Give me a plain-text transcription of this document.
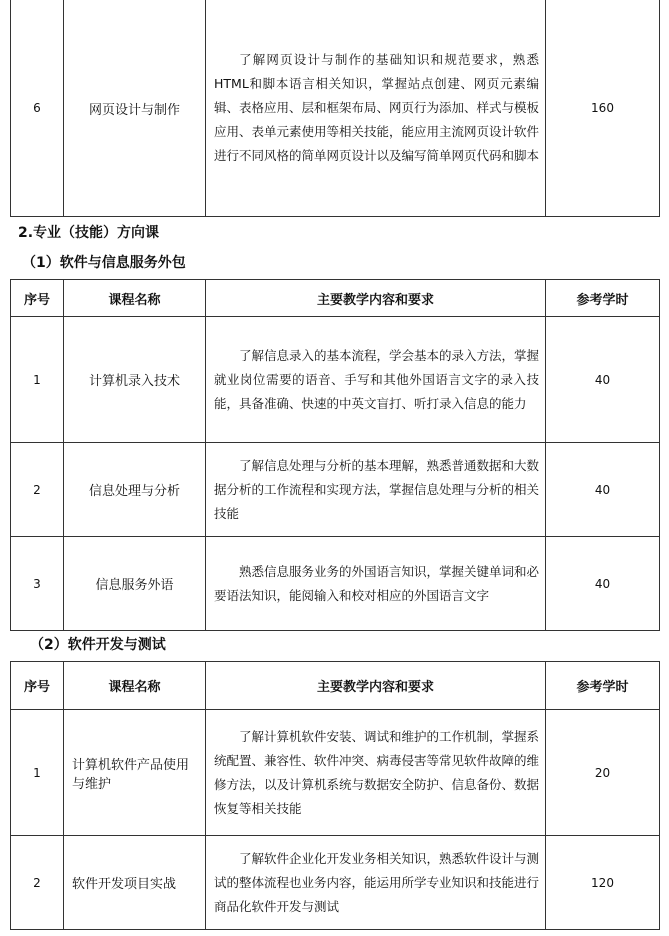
6	网页设计与制作	了解网页设计与制作的基础知识和规范要求，熟悉HTML和脚本语言相关知识，掌握站点创建、网页元素编辑、表格应用、层和框架布局、网页行为添加、样式与模板应用、表单元素使用等相关技能，能应用主流网页设计软件进行不同风格的简单网页设计以及编写简单网页代码和脚本	160
2.专业（技能）方向课
（1）软件与信息服务外包
序号	课程名称	主要教学内容和要求	参考学时
1	计算机录入技术	了解信息录入的基本流程，学会基本的录入方法，掌握就业岗位需要的语音、手写和其他外国语言文字的录入技能，具备准确、快速的中英文盲打、听打录入信息的能力	40
2	信息处理与分析	了解信息处理与分析的基本理解，熟悉普通数据和大数据分析的工作流程和实现方法，掌握信息处理与分析的相关技能	40
3	信息服务外语	熟悉信息服务业务的外国语言知识，掌握关键单词和必要语法知识，能阅输入和校对相应的外国语言文字	40
（2）软件开发与测试
序号	课程名称	主要教学内容和要求	参考学时
1	计算机软件产品使用与维护	了解计算机软件安装、调试和维护的工作机制，掌握系统配置、兼容性、软件冲突、病毒侵害等常见软件故障的维修方法，以及计算机系统与数据安全防护、信息备份、数据恢复等相关技能	20
2	软件开发项目实战	了解软件企业化开发业务相关知识，熟悉软件设计与测试的整体流程也业务内容，能运用所学专业知识和技能进行商品化软件开发与测试	120
